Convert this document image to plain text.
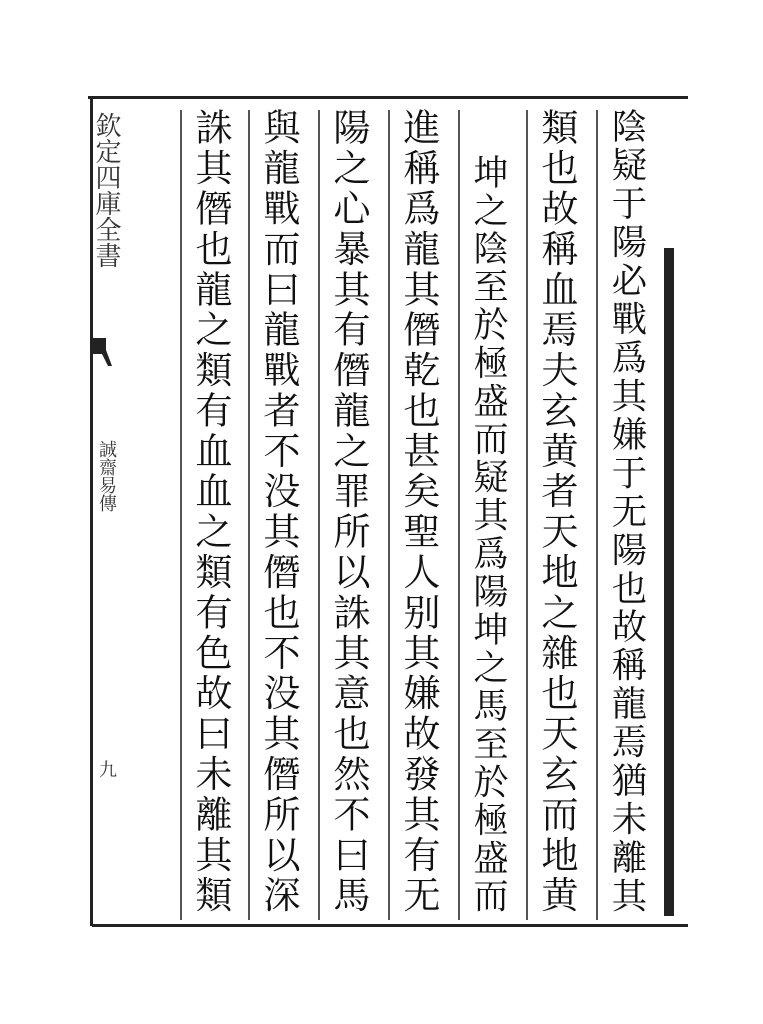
欽定四庫全書
誠齋易傳
九	陰疑于陽必戰爲其嫌于无陽也故稱龍焉猶未離其
類也故稱血焉夫玄黄者天地之雜也天玄而地黄
坤之陰至於極盛而疑其爲陽坤之馬至於極盛而
進稱爲龍其僭乾也甚矣聖人别其嫌故發其有无
陽之心暴其有僭龍之罪所以誅其意也然不曰馬
與龍戰而曰龍戰者不没其僭也不没其僭所以深
誅其僭也龍之類有血血之類有色故曰未離其類
